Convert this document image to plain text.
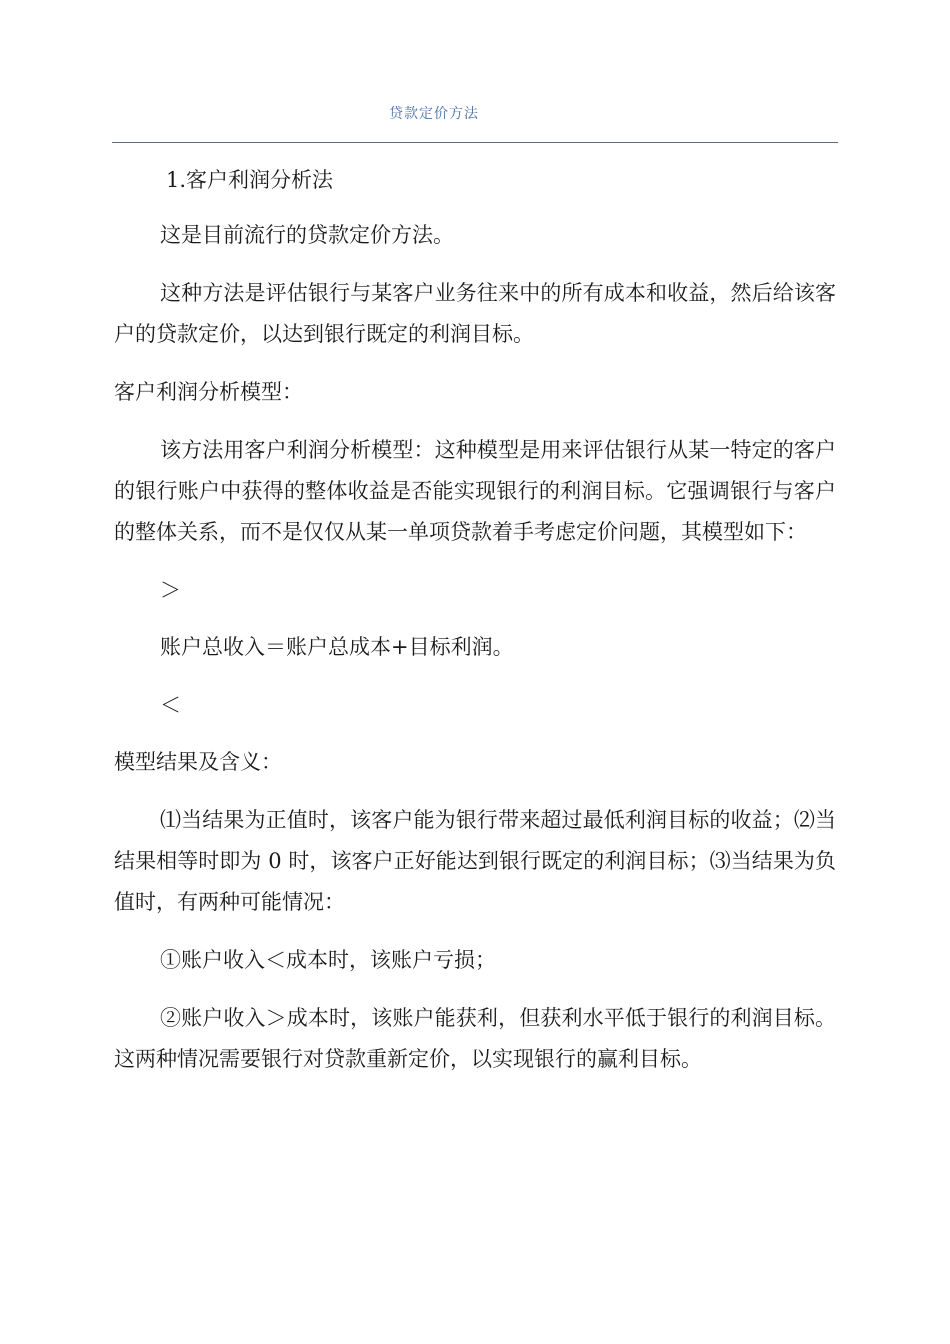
贷款定价方法

1.客户利润分析法

这是目前流行的贷款定价方法。

这种方法是评估银行与某客户业务往来中的所有成本和收益，然后给该客户的贷款定价，以达到银行既定的利润目标。

客户利润分析模型：

该方法用客户利润分析模型：这种模型是用来评估银行从某一特定的客户的银行账户中获得的整体收益是否能实现银行的利润目标。它强调银行与客户的整体关系，而不是仅仅从某一单项贷款着手考虑定价问题，其模型如下：

＞

账户总收入＝账户总成本+目标利润。

＜

模型结果及含义：

⑴当结果为正值时，该客户能为银行带来超过最低利润目标的收益；⑵当结果相等时即为 0 时，该客户正好能达到银行既定的利润目标；⑶当结果为负值时，有两种可能情况：

①账户收入＜成本时，该账户亏损；

②账户收入＞成本时，该账户能获利，但获利水平低于银行的利润目标。这两种情况需要银行对贷款重新定价，以实现银行的赢利目标。
